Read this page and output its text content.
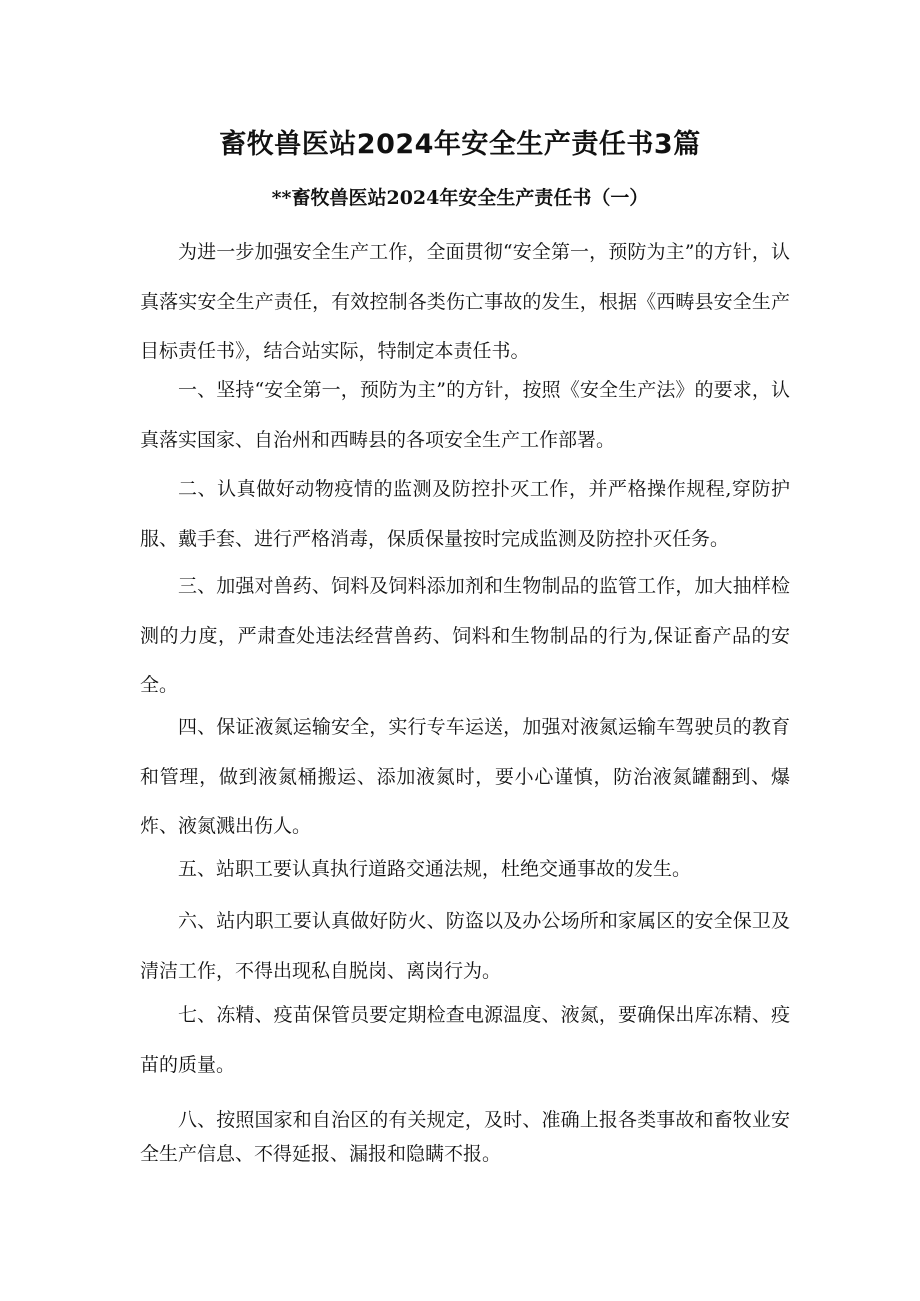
畜牧兽医站2024年安全生产责任书3篇
**畜牧兽医站2024年安全生产责任书（一）

为进一步加强安全生产工作，全面贯彻“安全第一，预防为主”的方针，认真落实安全生产责任，有效控制各类伤亡事故的发生，根据《西畴县安全生产目标责任书》，结合站实际，特制定本责任书。

一、坚持“安全第一，预防为主”的方针，按照《安全生产法》的要求，认真落实国家、自治州和西畴县的各项安全生产工作部署。

二、认真做好动物疫情的监测及防控扑灭工作，并严格操作规程,穿防护服、戴手套、进行严格消毒，保质保量按时完成监测及防控扑灭任务。

三、加强对兽药、饲料及饲料添加剂和生物制品的监管工作，加大抽样检测的力度，严肃查处违法经营兽药、饲料和生物制品的行为,保证畜产品的安全。

四、保证液氮运输安全，实行专车运送，加强对液氮运输车驾驶员的教育和管理，做到液氮桶搬运、添加液氮时，要小心谨慎，防治液氮罐翻到、爆炸、液氮溅出伤人。

五、站职工要认真执行道路交通法规，杜绝交通事故的发生。

六、站内职工要认真做好防火、防盗以及办公场所和家属区的安全保卫及清洁工作，不得出现私自脱岗、离岗行为。

七、冻精、疫苗保管员要定期检查电源温度、液氮，要确保出库冻精、疫苗的质量。

八、按照国家和自治区的有关规定，及时、准确上报各类事故和畜牧业安全生产信息、不得延报、漏报和隐瞒不报。
